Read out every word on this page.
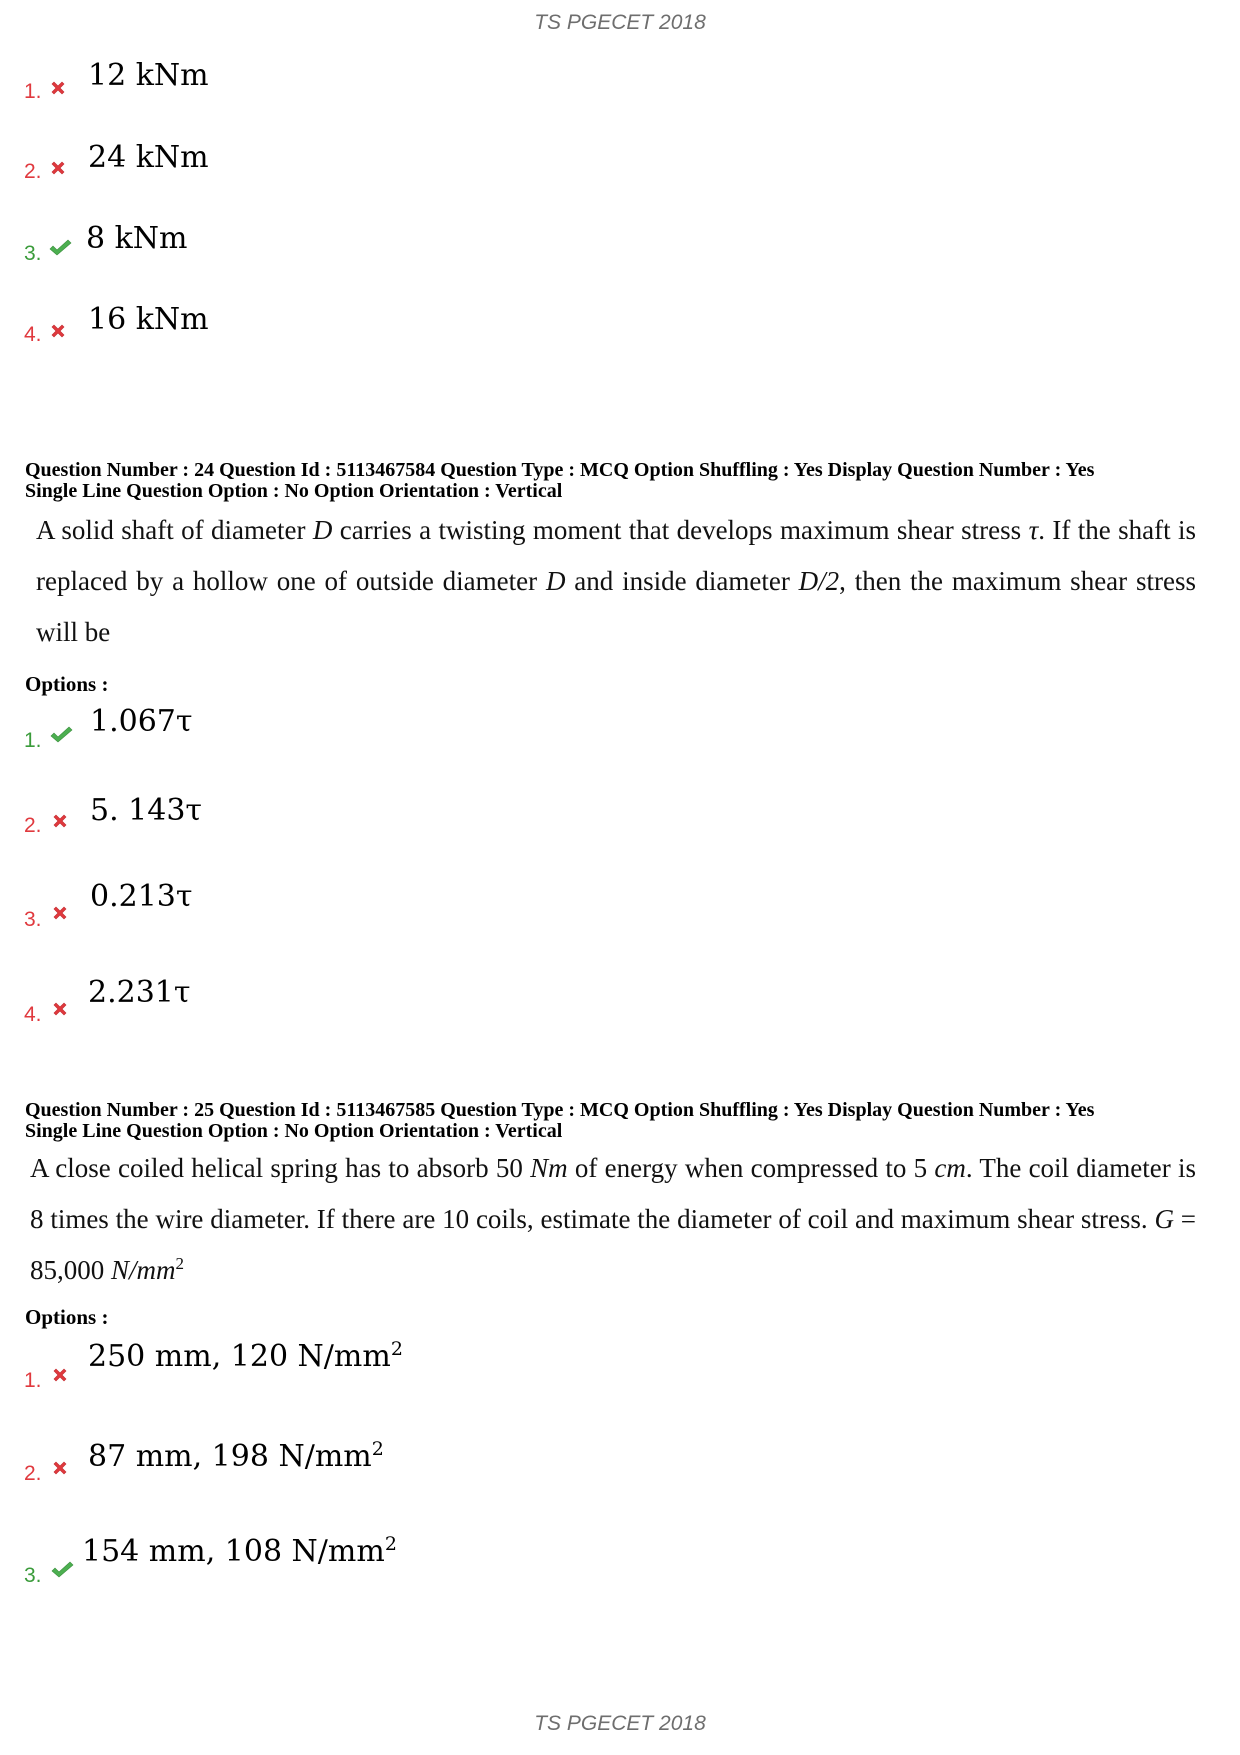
TS PGECET 2018
1. 12 kNm
2. 24 kNm
3. 8 kNm
4. 16 kNm
Question Number : 24 Question Id : 5113467584 Question Type : MCQ Option Shuffling : Yes Display Question Number : Yes
Single Line Question Option : No Option Orientation : Vertical
A solid shaft of diameter D carries a twisting moment that develops maximum shear stress τ. If the shaft is replaced by a hollow one of outside diameter D and inside diameter D/2, then the maximum shear stress will be
Options :
1.
1.067τ
2. 5. 143τ
3.
0.213τ
4.
2.231τ
Question Number : 25 Question Id : 5113467585 Question Type : MCQ Option Shuffling : Yes Display Question Number : Yes
Single Line Question Option : No Option Orientation : Vertical
A close coiled helical spring has to absorb 50 Nm of energy when compressed to 5 cm. The coil diameter is 8 times the wire diameter. If there are 10 coils, estimate the diameter of coil and maximum shear stress. G = 85,000 $N/mm^2$
Options :
1.
250 mm, 120 $N/mm^2$
2. 87 mm, 198 $N/mm^2$
3.
154 mm, 108 $N/mm^2$
TS PGECET 2018
